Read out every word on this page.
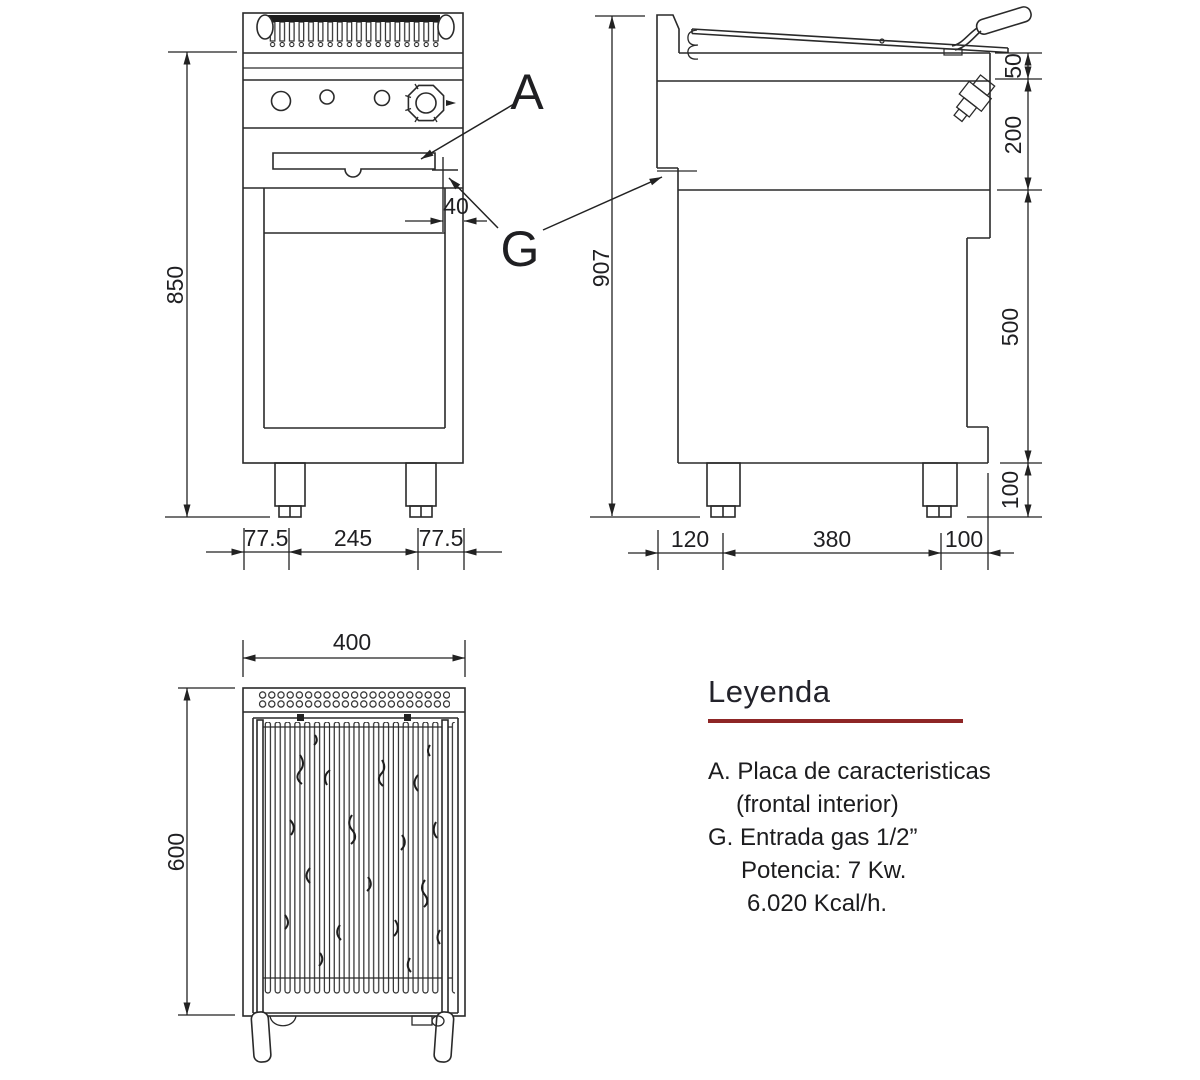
850
40
77.5 245 77.5
907
50
200
500
100
120	380	100
400
600
A
G
Leyenda
A. Placa de caracteristicas
(frontal interior)
G. Entrada gas 1/2”
Potencia: 7 Kw.
6.020 Kcal/h.
